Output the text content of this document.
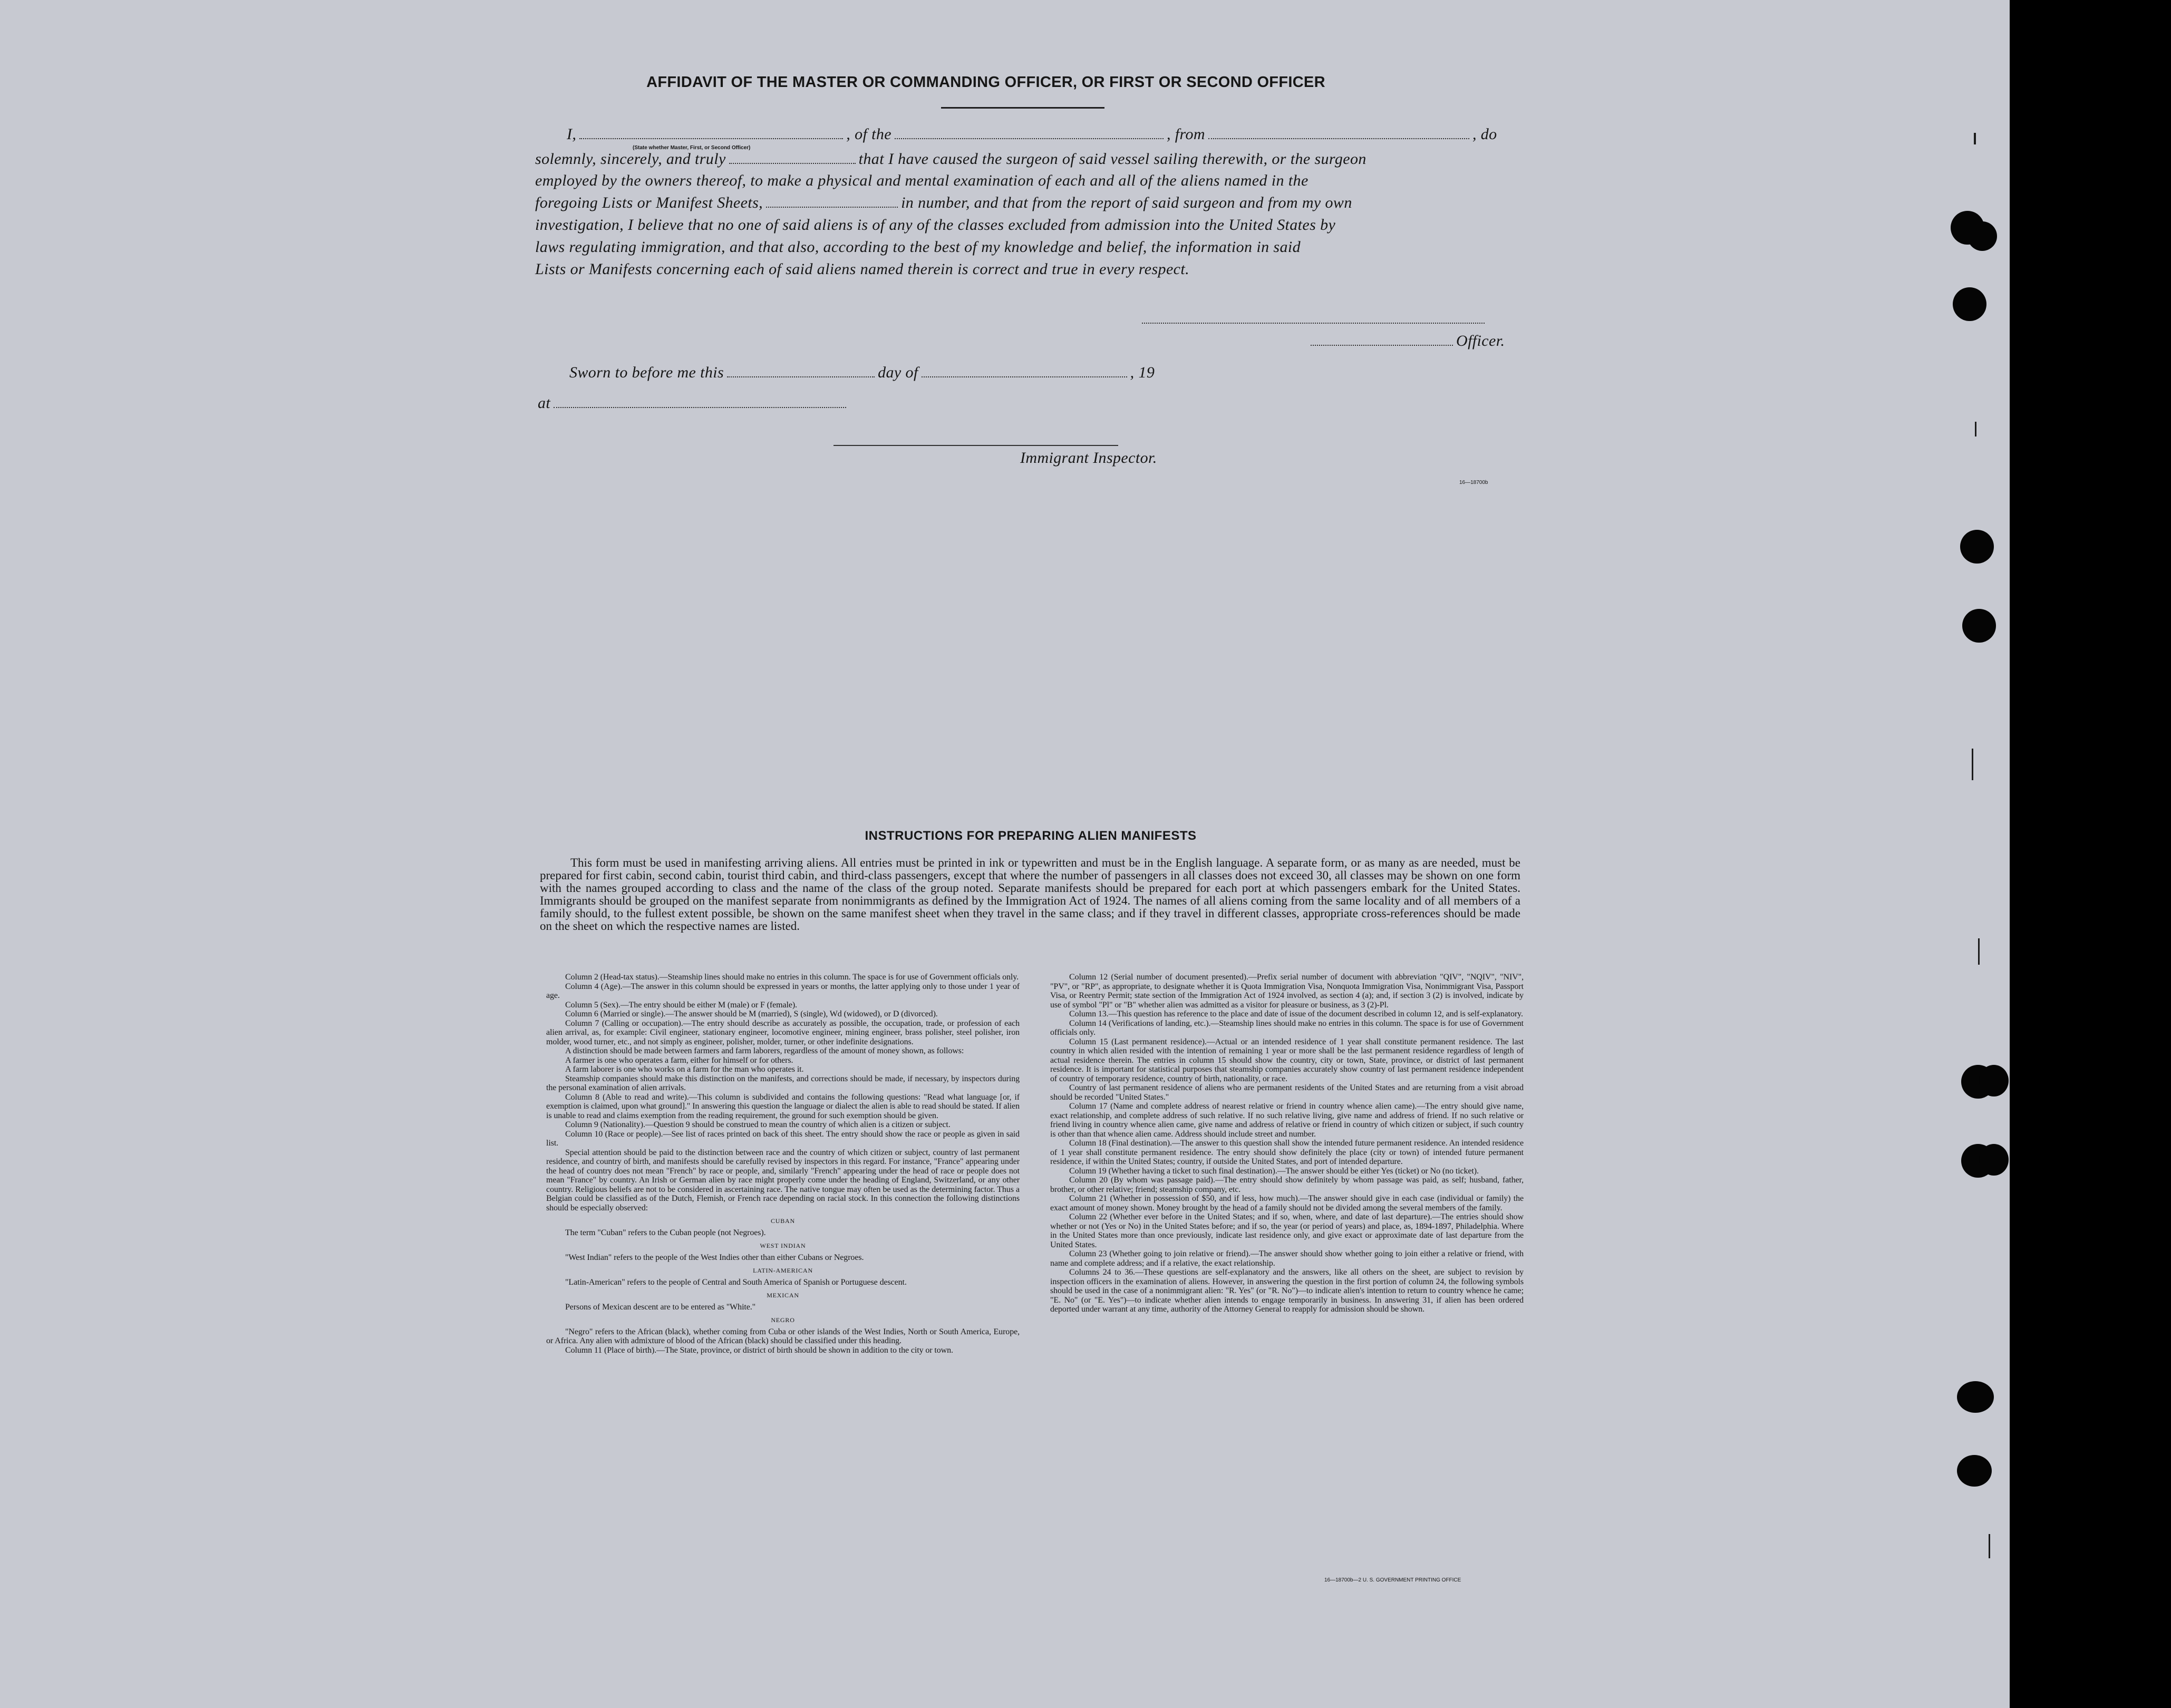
AFFIDAVIT OF THE MASTER OR COMMANDING OFFICER, OR FIRST OR SECOND OFFICER
I,	, of the	, from	, do
(State whether Master, First, or Second Officer)
solemnly, sincerely, and truly	that I have caused the surgeon of said vessel sailing therewith, or the surgeon
employed by the owners thereof, to make a physical and mental examination of each and all of the aliens named in the
foregoing Lists or Manifest Sheets,	in number, and that from the report of said surgeon and from my own
investigation, I believe that no one of said aliens is of any of the classes excluded from admission into the United States by
laws regulating immigration, and that also, according to the best of my knowledge and belief, the information in said
Lists or Manifests concerning each of said aliens named therein is correct and true in every respect.
Officer.
Sworn to before me this	day of	, 19
at
Immigrant Inspector.
16—18700b
INSTRUCTIONS FOR PREPARING ALIEN MANIFESTS

This form must be used in manifesting arriving aliens. All entries must be printed in ink or typewritten and must be in the English language. A separate form, or as many as are needed, must be prepared for first cabin, second cabin, tourist third cabin, and third-class passengers, except that where the number of passengers in all classes does not exceed 30, all classes may be shown on one form with the names grouped according to class and the name of the class of the group noted. Separate manifests should be prepared for each port at which passengers embark for the United States. Immigrants should be grouped on the manifest separate from nonimmigrants as defined by the Immigration Act of 1924. The names of all aliens coming from the same locality and of all members of a family should, to the fullest extent possible, be shown on the same manifest sheet when they travel in the same class; and if they travel in different classes, appropriate cross-references should be made on the sheet on which the respective names are listed.

Column 2 (Head-tax status).—Steamship lines should make no entries in this column. The space is for use of Government officials only.

Column 4 (Age).—The answer in this column should be expressed in years or months, the latter applying only to those under 1 year of age.

Column 5 (Sex).—The entry should be either M (male) or F (female).

Column 6 (Married or single).—The answer should be M (married), S (single), Wd (widowed), or D (divorced).

Column 7 (Calling or occupation).—The entry should describe as accurately as possible, the occupation, trade, or profession of each alien arrival, as, for example: Civil engineer, stationary engineer, locomotive engineer, mining engineer, brass polisher, steel polisher, iron molder, wood turner, etc., and not simply as engineer, polisher, molder, turner, or other indefinite designations.

A distinction should be made between farmers and farm laborers, regardless of the amount of money shown, as follows:

A farmer is one who operates a farm, either for himself or for others.

A farm laborer is one who works on a farm for the man who operates it.

Steamship companies should make this distinction on the manifests, and corrections should be made, if necessary, by inspectors during the personal examination of alien arrivals.

Column 8 (Able to read and write).—This column is subdivided and contains the following questions: "Read what language [or, if exemption is claimed, upon what ground]." In answering this question the language or dialect the alien is able to read should be stated. If alien is unable to read and claims exemption from the reading requirement, the ground for such exemption should be given.

Column 9 (Nationality).—Question 9 should be construed to mean the country of which alien is a citizen or subject.

Column 10 (Race or people).—See list of races printed on back of this sheet. The entry should show the race or people as given in said list.

Special attention should be paid to the distinction between race and the country of which citizen or subject, country of last permanent residence, and country of birth, and manifests should be carefully revised by inspectors in this regard. For instance, "France" appearing under the head of country does not mean "French" by race or people, and, similarly "French" appearing under the head of race or people does not mean "France" by country. An Irish or German alien by race might properly come under the heading of England, Switzerland, or any other country. Religious beliefs are not to be considered in ascertaining race. The native tongue may often be used as the determining factor. Thus a Belgian could be classified as of the Dutch, Flemish, or French race depending on racial stock. In this connection the following distinctions should be especially observed:

CUBAN

The term "Cuban" refers to the Cuban people (not Negroes).

WEST INDIAN

"West Indian" refers to the people of the West Indies other than either Cubans or Negroes.

LATIN-AMERICAN

"Latin-American" refers to the people of Central and South America of Spanish or Portuguese descent.

MEXICAN

Persons of Mexican descent are to be entered as "White."

NEGRO

"Negro" refers to the African (black), whether coming from Cuba or other islands of the West Indies, North or South America, Europe, or Africa. Any alien with admixture of blood of the African (black) should be classified under this heading.

Column 11 (Place of birth).—The State, province, or district of birth should be shown in addition to the city or town.

Column 12 (Serial number of document presented).—Prefix serial number of document with abbreviation "QIV", "NQIV", "NIV", "PV", or "RP", as appropriate, to designate whether it is Quota Immigration Visa, Nonquota Immigration Visa, Nonimmigrant Visa, Passport Visa, or Reentry Permit; state section of the Immigration Act of 1924 involved, as section 4 (a); and, if section 3 (2) is involved, indicate by use of symbol "Pl" or "B" whether alien was admitted as a visitor for pleasure or business, as 3 (2)-Pl.

Column 13.—This question has reference to the place and date of issue of the document described in column 12, and is self-explanatory.

Column 14 (Verifications of landing, etc.).—Steamship lines should make no entries in this column. The space is for use of Government officials only.

Column 15 (Last permanent residence).—Actual or an intended residence of 1 year shall constitute permanent residence. The last country in which alien resided with the intention of remaining 1 year or more shall be the last permanent residence regardless of length of actual residence therein. The entries in column 15 should show the country, city or town, State, province, or district of last permanent residence. It is important for statistical purposes that steamship companies accurately show country of last permanent residence independent of country of temporary residence, country of birth, nationality, or race.

Country of last permanent residence of aliens who are permanent residents of the United States and are returning from a visit abroad should be recorded "United States."

Column 17 (Name and complete address of nearest relative or friend in country whence alien came).—The entry should give name, exact relationship, and complete address of such relative. If no such relative living, give name and address of friend. If no such relative or friend living in country whence alien came, give name and address of relative or friend in country of which citizen or subject, if such country is other than that whence alien came. Address should include street and number.

Column 18 (Final destination).—The answer to this question shall show the intended future permanent residence. An intended residence of 1 year shall constitute permanent residence. The entry should show definitely the place (city or town) of intended future permanent residence, if within the United States; country, if outside the United States, and port of intended departure.

Column 19 (Whether having a ticket to such final destination).—The answer should be either Yes (ticket) or No (no ticket).

Column 20 (By whom was passage paid).—The entry should show definitely by whom passage was paid, as self; husband, father, brother, or other relative; friend; steamship company, etc.

Column 21 (Whether in possession of $50, and if less, how much).—The answer should give in each case (individual or family) the exact amount of money shown. Money brought by the head of a family should not be divided among the several members of the family.

Column 22 (Whether ever before in the United States; and if so, when, where, and date of last departure).—The entries should show whether or not (Yes or No) in the United States before; and if so, the year (or period of years) and place, as, 1894-1897, Philadelphia. Where in the United States more than once previously, indicate last residence only, and give exact or approximate date of last departure from the United States.

Column 23 (Whether going to join relative or friend).—The answer should show whether going to join either a relative or friend, with name and complete address; and if a relative, the exact relationship.

Columns 24 to 36.—These questions are self-explanatory and the answers, like all others on the sheet, are subject to revision by inspection officers in the examination of aliens. However, in answering the question in the first portion of column 24, the following symbols should be used in the case of a nonimmigrant alien: "R. Yes" (or "R. No")—to indicate alien's intention to return to country whence he came; "E. No" (or "E. Yes")—to indicate whether alien intends to engage temporarily in business. In answering 31, if alien has been ordered deported under warrant at any time, authority of the Attorney General to reapply for admission should be shown.

16—18700b—2 U. S. GOVERNMENT PRINTING OFFICE
